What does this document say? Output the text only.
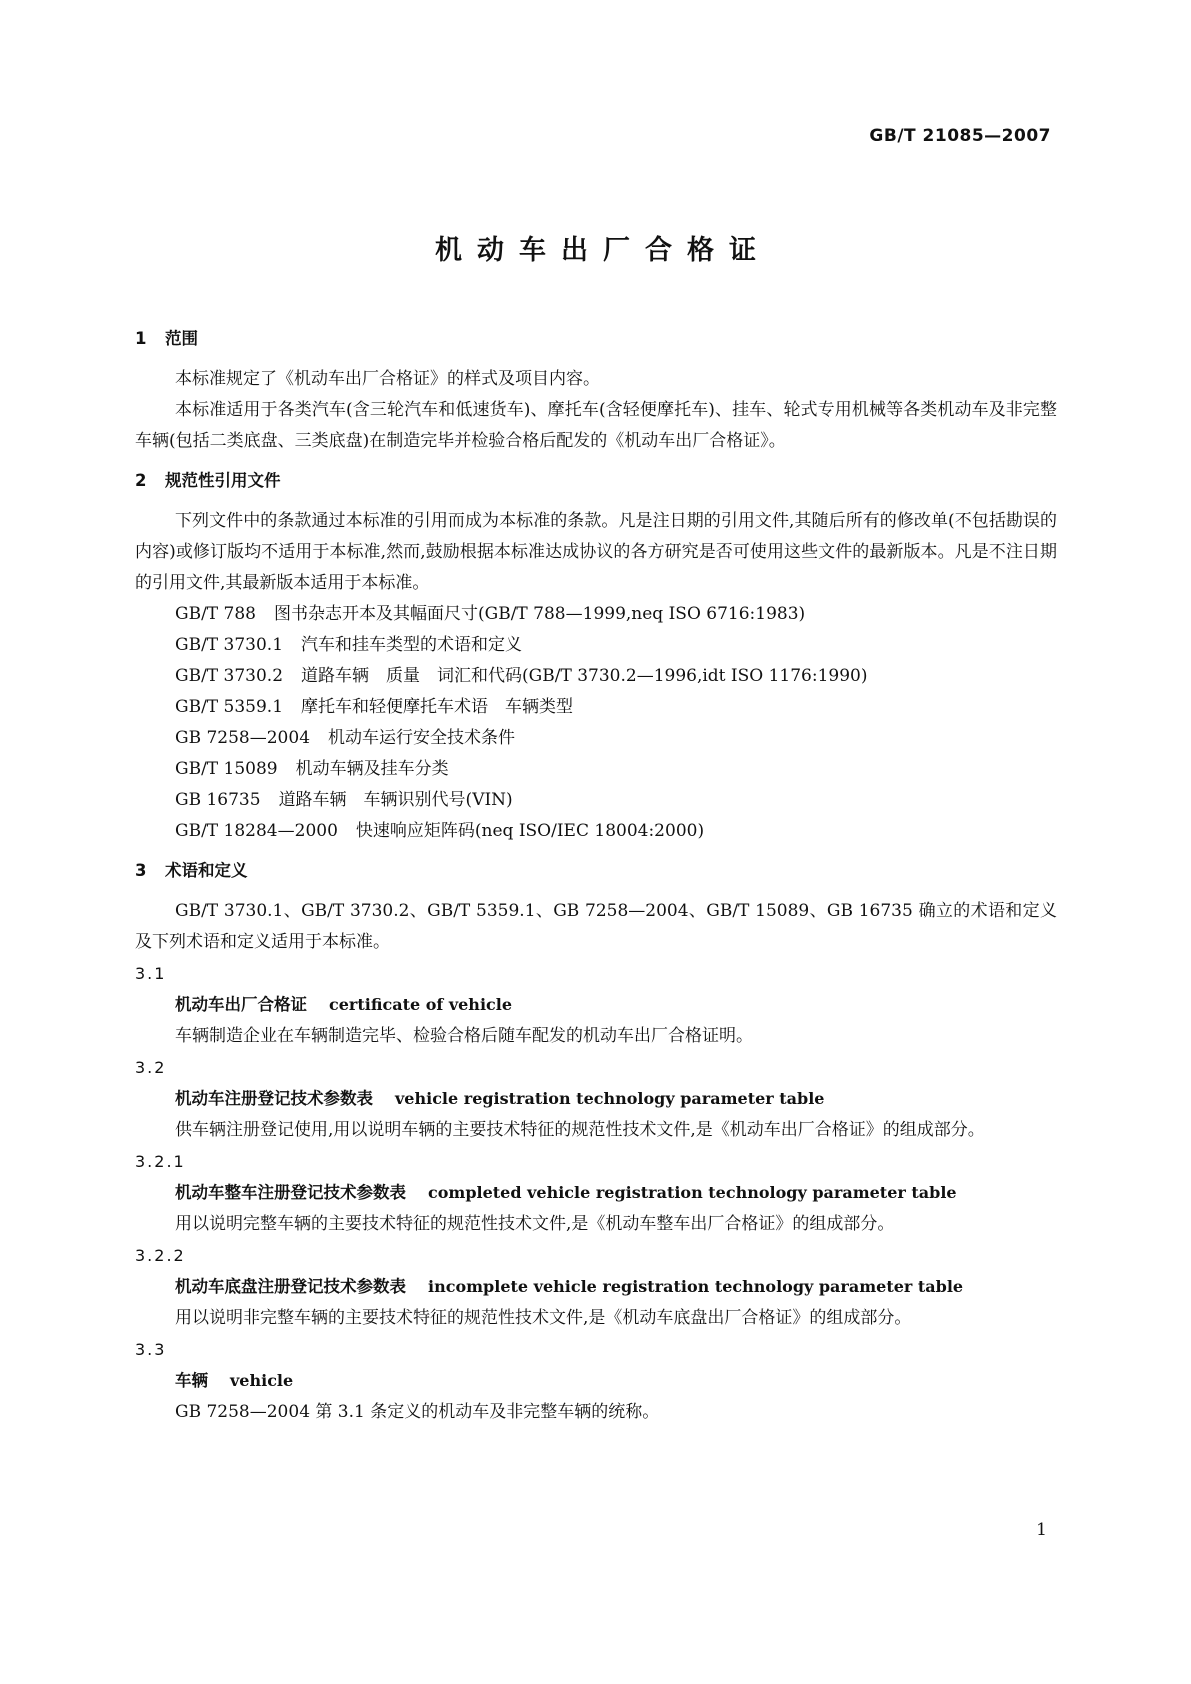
GB/T 21085—2007
机动车出厂合格证
1 范围

本标准规定了《机动车出厂合格证》的样式及项目内容。

本标准适用于各类汽车(含三轮汽车和低速货车)、摩托车(含轻便摩托车)、挂车、轮式专用机械等各类机动车及非完整车辆(包括二类底盘、三类底盘)在制造完毕并检验合格后配发的《机动车出厂合格证》。

2 规范性引用文件

下列文件中的条款通过本标准的引用而成为本标准的条款。凡是注日期的引用文件,其随后所有的修改单(不包括勘误的内容)或修订版均不适用于本标准,然而,鼓励根据本标准达成协议的各方研究是否可使用这些文件的最新版本。凡是不注日期的引用文件,其最新版本适用于本标准。

GB/T 788 图书杂志开本及其幅面尺寸(GB/T 788—1999,neq ISO 6716:1983)
GB/T 3730.1 汽车和挂车类型的术语和定义
GB/T 3730.2 道路车辆　质量　词汇和代码(GB/T 3730.2—1996,idt ISO 1176:1990)
GB/T 5359.1 摩托车和轻便摩托车术语　车辆类型
GB 7258—2004 机动车运行安全技术条件
GB/T 15089 机动车辆及挂车分类
GB 16735 道路车辆　车辆识别代号(VIN)
GB/T 18284—2000 快速响应矩阵码(neq ISO/IEC 18004:2000)
3 术语和定义

GB/T 3730.1、GB/T 3730.2、GB/T 5359.1、GB 7258—2004、GB/T 15089、GB 16735 确立的术语和定义及下列术语和定义适用于本标准。

3.1
机动车出厂合格证 certificate of vehicle

车辆制造企业在车辆制造完毕、检验合格后随车配发的机动车出厂合格证明。

3.2
机动车注册登记技术参数表 vehicle registration technology parameter table

供车辆注册登记使用,用以说明车辆的主要技术特征的规范性技术文件,是《机动车出厂合格证》的组成部分。

3.2.1
机动车整车注册登记技术参数表 completed vehicle registration technology parameter table

用以说明完整车辆的主要技术特征的规范性技术文件,是《机动车整车出厂合格证》的组成部分。

3.2.2
机动车底盘注册登记技术参数表 incomplete vehicle registration technology parameter table

用以说明非完整车辆的主要技术特征的规范性技术文件,是《机动车底盘出厂合格证》的组成部分。

3.3
车辆 vehicle

GB 7258—2004 第 3.1 条定义的机动车及非完整车辆的统称。

1
